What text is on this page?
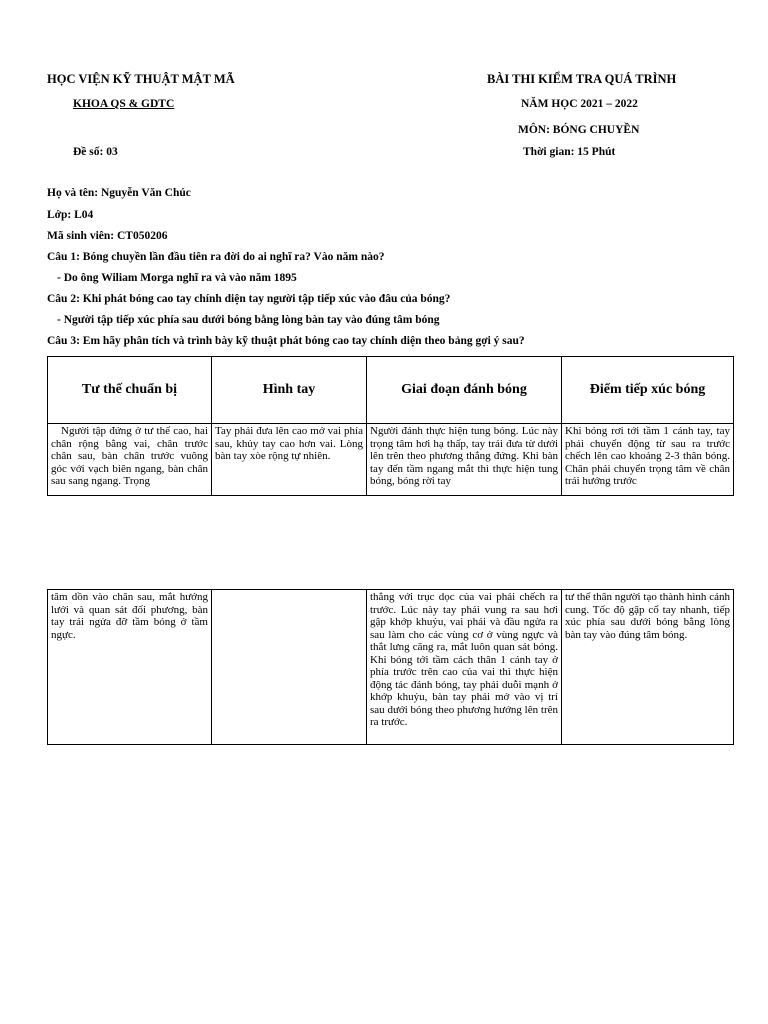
HỌC VIỆN KỸ THUẬT MẬT MÃ	BÀI THI KIỂM TRA QUÁ TRÌNH
KHOA QS & GDTC	NĂM HỌC 2021 – 2022
MÔN: BÓNG CHUYỀN
Đề số: 03	Thời gian: 15 Phút
Họ và tên: Nguyễn Văn Chúc
Lớp: L04
Mã sinh viên: CT050206
Câu 1: Bóng chuyền lần đầu tiên ra đời do ai nghĩ ra? Vào năm nào?
- Do ông Wiliam Morga nghĩ ra và vào năm 1895
Câu 2: Khi phát bóng cao tay chính diện tay người tập tiếp xúc vào đâu của bóng?
- Người tập tiếp xúc phía sau dưới bóng bằng lòng bàn tay vào đúng tâm bóng
Câu 3: Em hãy phân tích và trình bày kỹ thuật phát bóng cao tay chính diện theo bảng gợi ý sau?
Tư thế chuẩn bị	Hình tay	Giai đoạn đánh bóng	Điểm tiếp xúc bóng

Người tập đứng ở tư thế cao, hai chân rộng bằng vai, chân trước chân sau, bàn chân trước vuông góc với vạch biên ngang, bàn chân sau sang ngang. Trọng	Tay phải đưa lên cao mở vai phía sau, khủy tay cao hơn vai. Lòng bàn tay xòe rộng tự nhiên.	Người đánh thực hiện tung bóng. Lúc này trọng tâm hơi hạ thấp, tay trái đưa từ dưới lên trên theo phương thẳng đứng. Khi bàn tay đến tầm ngang mắt thì thực hiện tung bóng, bóng rời tay	Khi bóng rơi tới tầm 1 cánh tay, tay phải chuyển động từ sau ra trước chếch lên cao khoảng 2-3 thân bóng. Chân phải chuyển trọng tâm về chân trái hướng trước
tâm dồn vào chân sau, mắt hướng lưới và quan sát đối phương, bàn tay trái ngửa đỡ tầm bóng ở tầm ngực.		thẳng với trục dọc của vai phải chếch ra trước. Lúc này tay phải vung ra sau hơi gập khớp khuỷu, vai phải và đầu ngửa ra sau làm cho các vùng cơ ở vùng ngực và thắt lưng căng ra, mắt luôn quan sát bóng. Khi bóng tới tầm cách thân 1 cánh tay ở phía trước trên cao của vai thì thực hiện động tác đánh bóng, tay phải duỗi mạnh ở khớp khuỷu, bàn tay phải mở vào vị trí sau dưới bóng theo phương hướng lên trên ra trước.	tư thế thân người tạo thành hình cánh cung. Tốc độ gập cổ tay nhanh, tiếp xúc phía sau dưới bóng bằng lòng bàn tay vào đúng tâm bóng.
